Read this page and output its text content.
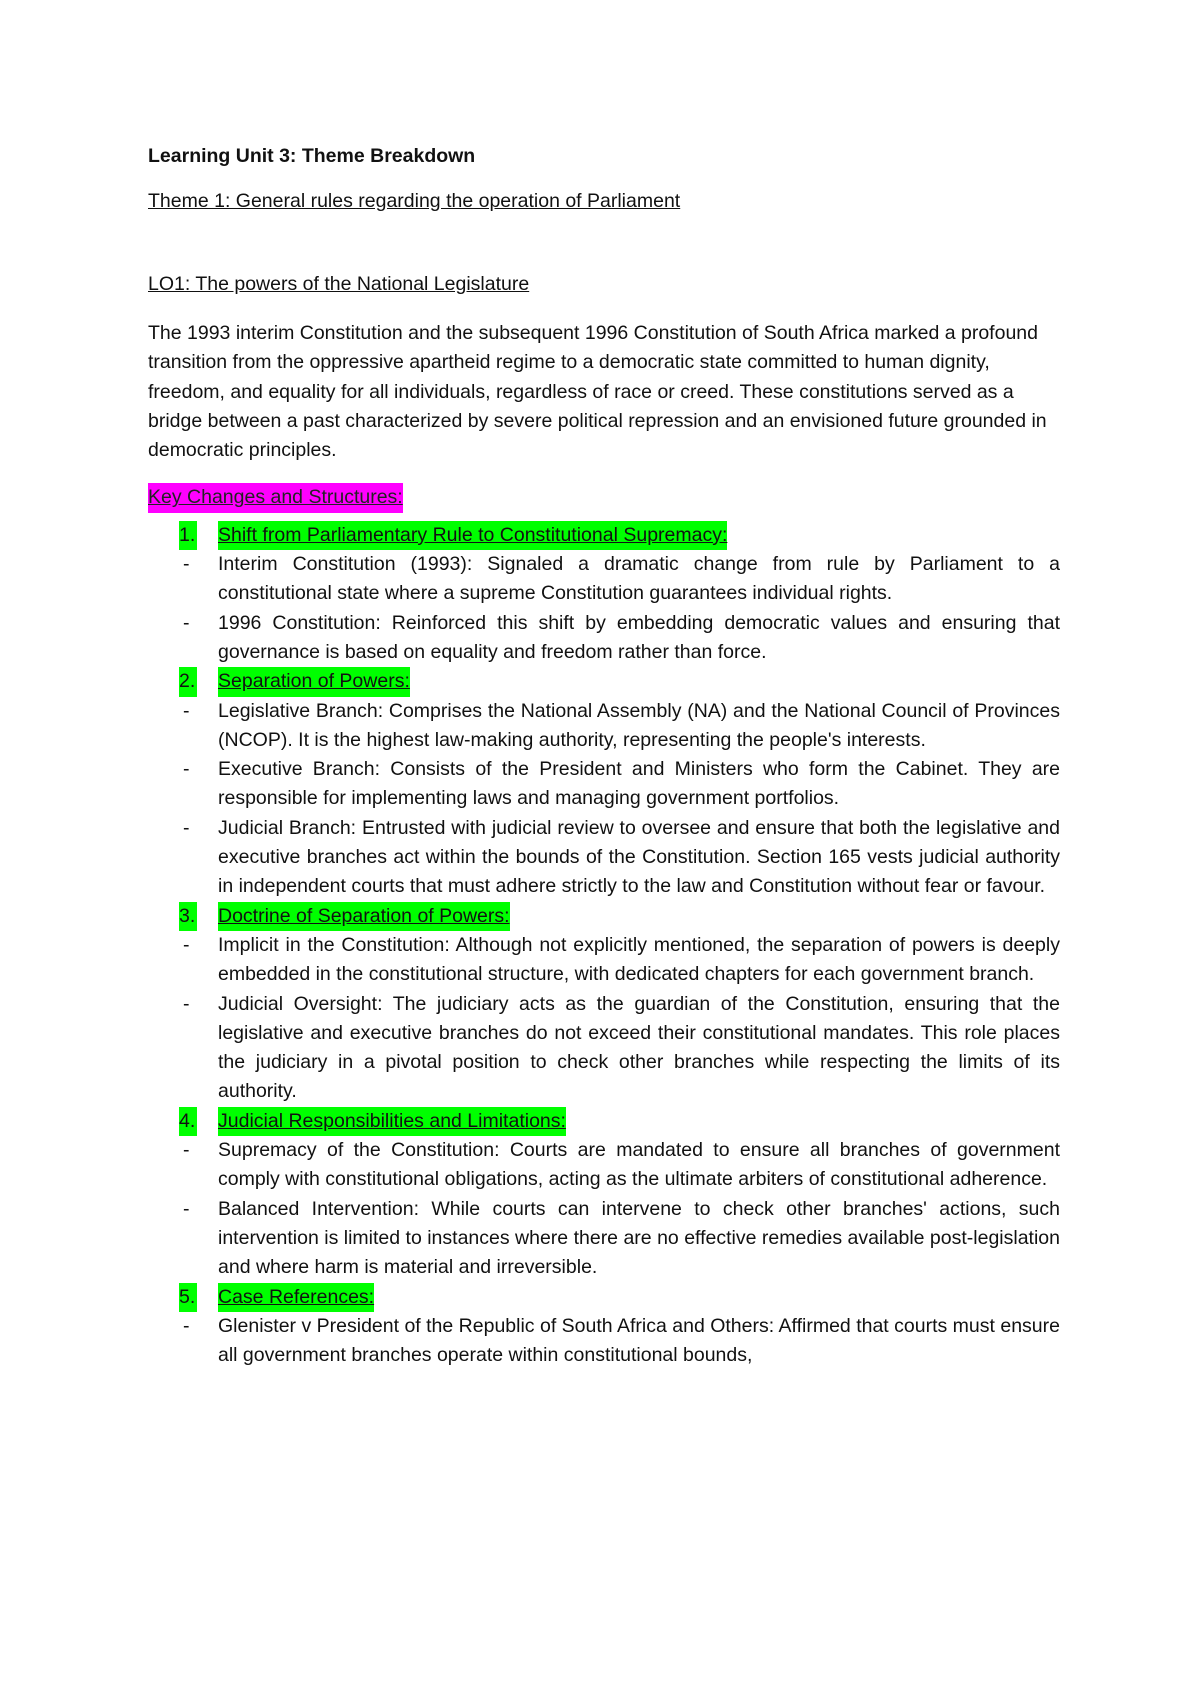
Learning Unit 3: Theme Breakdown
Theme 1: General rules regarding the operation of Parliament
LO1: The powers of the National Legislature

The 1993 interim Constitution and the subsequent 1996 Constitution of South Africa marked a profound transition from the oppressive apartheid regime to a democratic state committed to human dignity, freedom, and equality for all individuals, regardless of race or creed. These constitutions served as a bridge between a past characterized by severe political repression and an envisioned future grounded in democratic principles.

Key Changes and Structures:
1. Shift from Parliamentary Rule to Constitutional Supremacy:
- Interim Constitution (1993): Signaled a dramatic change from rule by Parliament to a constitutional state where a supreme Constitution guarantees individual rights.
- 1996 Constitution: Reinforced this shift by embedding democratic values and ensuring that governance is based on equality and freedom rather than force.
2. Separation of Powers:
- Legislative Branch: Comprises the National Assembly (NA) and the National Council of Provinces (NCOP). It is the highest law-making authority, representing the people's interests.
- Executive Branch: Consists of the President and Ministers who form the Cabinet. They are responsible for implementing laws and managing government portfolios.
- Judicial Branch: Entrusted with judicial review to oversee and ensure that both the legislative and executive branches act within the bounds of the Constitution. Section 165 vests judicial authority in independent courts that must adhere strictly to the law and Constitution without fear or favour.
3. Doctrine of Separation of Powers:
- Implicit in the Constitution: Although not explicitly mentioned, the separation of powers is deeply embedded in the constitutional structure, with dedicated chapters for each government branch.
- Judicial Oversight: The judiciary acts as the guardian of the Constitution, ensuring that the legislative and executive branches do not exceed their constitutional mandates. This role places the judiciary in a pivotal position to check other branches while respecting the limits of its authority.
4. Judicial Responsibilities and Limitations:
- Supremacy of the Constitution: Courts are mandated to ensure all branches of government comply with constitutional obligations, acting as the ultimate arbiters of constitutional adherence.
- Balanced Intervention: While courts can intervene to check other branches' actions, such intervention is limited to instances where there are no effective remedies available post-legislation and where harm is material and irreversible.
5. Case References:
- Glenister v President of the Republic of South Africa and Others: Affirmed that courts must ensure all government branches operate within constitutional bounds,
